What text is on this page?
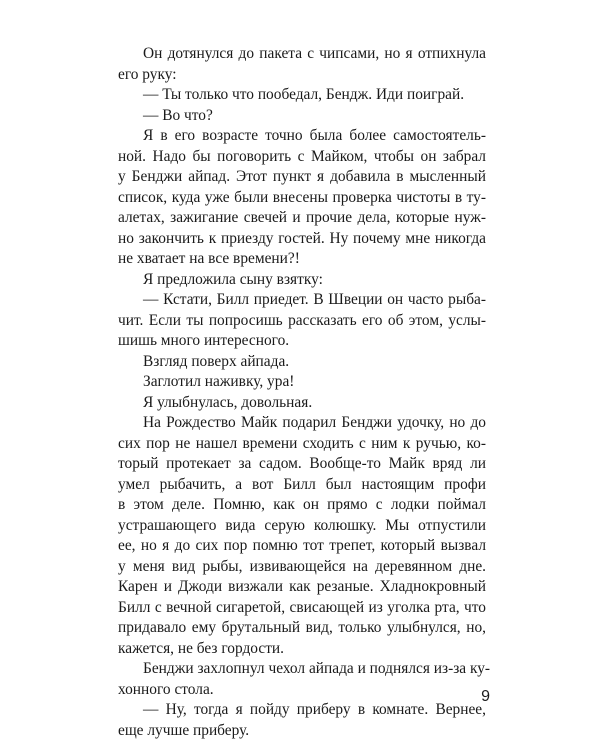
Он дотянулся до пакета с чипсами, но я отпихнула
его руку:
— Ты только что пообедал, Бендж. Иди поиграй.
— Во что?
Я в его возрасте точно была более самостоятель-
ной. Надо бы поговорить с Майком, чтобы он забрал
у Бенджи айпад. Этот пункт я добавила в мысленный
список, куда уже были внесены проверка чистоты в ту-
алетах, зажигание свечей и прочие дела, которые нуж-
но закончить к приезду гостей. Ну почему мне никогда
не хватает на все времени?!
Я предложила сыну взятку:
— Кстати, Билл приедет. В Швеции он часто рыба-
чит. Если ты попросишь рассказать его об этом, услы-
шишь много интересного.
Взгляд поверх айпада.
Заглотил наживку, ура!
Я улыбнулась, довольная.
На Рождество Майк подарил Бенджи удочку, но до
сих пор не нашел времени сходить с ним к ручью, ко-
торый протекает за садом. Вообще-то Майк вряд ли
умел рыбачить, а вот Билл был настоящим профи
в этом деле. Помню, как он прямо с лодки поймал
устрашающего вида серую колюшку. Мы отпустили
ее, но я до сих пор помню тот трепет, который вызвал
у меня вид рыбы, извивающейся на деревянном дне.
Карен и Джоди визжали как резаные. Хладнокровный
Билл с вечной сигаретой, свисающей из уголка рта, что
придавало ему брутальный вид, только улыбнулся, но,
кажется, не без гордости.
Бенджи захлопнул чехол айпада и поднялся из-за ку-
хонного стола.
— Ну, тогда я пойду приберу в комнате. Вернее,
еще лучше приберу.
9
